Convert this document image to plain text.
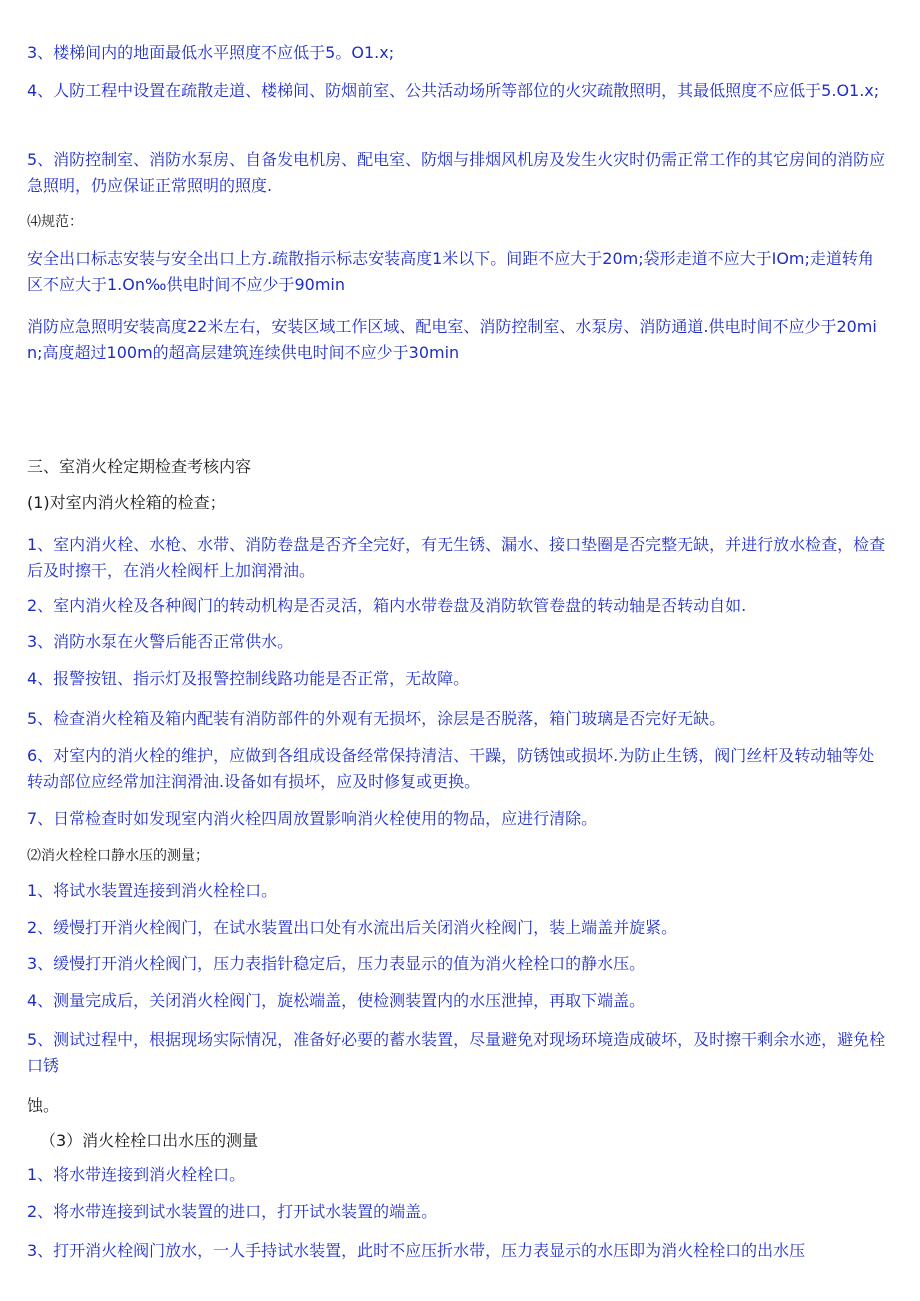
3、楼梯间内的地面最低水平照度不应低于5。O1.x;

4、人防工程中设置在疏散走道、楼梯间、防烟前室、公共活动场所等部位的火灾疏散照明，其最低照度不应低于5.O1.x;

5、消防控制室、消防水泵房、自备发电机房、配电室、防烟与排烟风机房及发生火灾时仍需正常工作的其它房间的消防应急照明，仍应保证正常照明的照度.

⑷规范：

安全出口标志安装与安全出口上方.疏散指示标志安装高度1米以下。间距不应大于20m;袋形走道不应大于IOm;走道转角区不应大于1.On‰供电时间不应少于90min

消防应急照明安装高度22米左右，安装区域工作区域、配电室、消防控制室、水泵房、消防通道.供电时间不应少于20min;高度超过100m的超高层建筑连续供电时间不应少于30min

三、室消火栓定期检查考核内容

(1)对室内消火栓箱的检查；

1、室内消火栓、水枪、水带、消防卷盘是否齐全完好，有无生锈、漏水、接口垫圈是否完整无缺，并进行放水检查，检查后及时擦干，在消火栓阀杆上加润滑油。

2、室内消火栓及各种阀门的转动机构是否灵活，箱内水带卷盘及消防软管卷盘的转动轴是否转动自如.

3、消防水泵在火警后能否正常供水。

4、报警按钮、指示灯及报警控制线路功能是否正常，无故障。

5、检查消火栓箱及箱内配装有消防部件的外观有无损坏，涂层是否脱落，箱门玻璃是否完好无缺。

6、对室内的消火栓的维护，应做到各组成设备经常保持清洁、干躁，防锈蚀或损坏.为防止生锈，阀门丝杆及转动轴等处转动部位应经常加注润滑油.设备如有损坏，应及时修复或更换。

7、日常检查时如发现室内消火栓四周放置影响消火栓使用的物品，应进行清除。

⑵消火栓栓口静水压的测量；

1、将试水装置连接到消火栓栓口。

2、缓慢打开消火栓阀门，在试水装置出口处有水流出后关闭消火栓阀门，装上端盖并旋紧。

3、缓慢打开消火栓阀门，压力表指针稳定后，压力表显示的值为消火栓栓口的静水压。

4、测量完成后，关闭消火栓阀门，旋松端盖，使检测装置内的水压泄掉，再取下端盖。

5、测试过程中，根据现场实际情况，准备好必要的蓄水装置，尽量避免对现场环境造成破坏，及时擦干剩余水迹，避免栓口锈

蚀。

（3）消火栓栓口出水压的测量

1、将水带连接到消火栓栓口。

2、将水带连接到试水装置的进口，打开试水装置的端盖。

3、打开消火栓阀门放水，一人手持试水装置，此时不应压折水带，压力表显示的水压即为消火栓栓口的出水压
